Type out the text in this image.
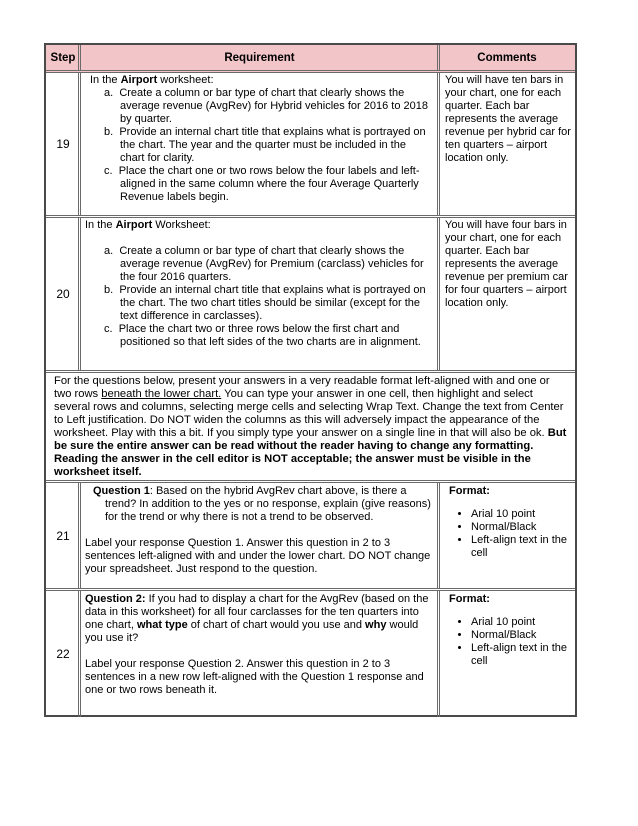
Step	Requirement	Comments
19

In the Airport worksheet:

a. Create a column or bar type of chart that clearly shows the average revenue (AvgRev) for Hybrid vehicles for 2016 to 2018 by quarter.

b. Provide an internal chart title that explains what is portrayed on the chart. The year and the quarter must be included in the chart for clarity.

c. Place the chart one or two rows below the four labels and left-aligned in the same column where the four Average Quarterly Revenue labels begin.

You will have ten bars in your chart, one for each quarter. Each bar represents the average revenue per hybrid car for ten quarters – airport location only.
20

In the Airport Worksheet:

a. Create a column or bar type of chart that clearly shows the average revenue (AvgRev) for Premium (carclass) vehicles for the four 2016 quarters.

b. Provide an internal chart title that explains what is portrayed on the chart. The two chart titles should be similar (except for the text difference in carclasses).

c. Place the chart two or three rows below the first chart and positioned so that left sides of the two charts are in alignment.

You will have four bars in your chart, one for each quarter. Each bar represents the average revenue per premium car for four quarters – airport location only.
For the questions below, present your answers in a very readable format left-aligned with and one or two rows beneath the lower chart. You can type your answer in one cell, then highlight and select several rows and columns, selecting merge cells and selecting Wrap Text. Change the text from Center to Left justification. Do NOT widen the columns as this will adversely impact the appearance of the worksheet. Play with this a bit. If you simply type your answer on a single line in that will also be ok. But be sure the entire answer can be read without the reader having to change any formatting. Reading the answer in the cell editor is NOT acceptable; the answer must be visible in the worksheet itself.
21

Question 1: Based on the hybrid AvgRev chart above, is there a trend? In addition to the yes or no response, explain (give reasons) for the trend or why there is not a trend to be observed.

Label your response Question 1. Answer this question in 2 to 3 sentences left-aligned with and under the lower chart. DO NOT change your spreadsheet. Just respond to the question.

Format:
• Arial 10 point
• Normal/Black
• Left-align text in the cell
22

Question 2: If you had to display a chart for the AvgRev (based on the data in this worksheet) for all four carclasses for the ten quarters into one chart, what type of chart of chart would you use and why would you use it?

Label your response Question 2. Answer this question in 2 to 3 sentences in a new row left-aligned with the Question 1 response and one or two rows beneath it.

Format:
• Arial 10 point
• Normal/Black
• Left-align text in the cell
